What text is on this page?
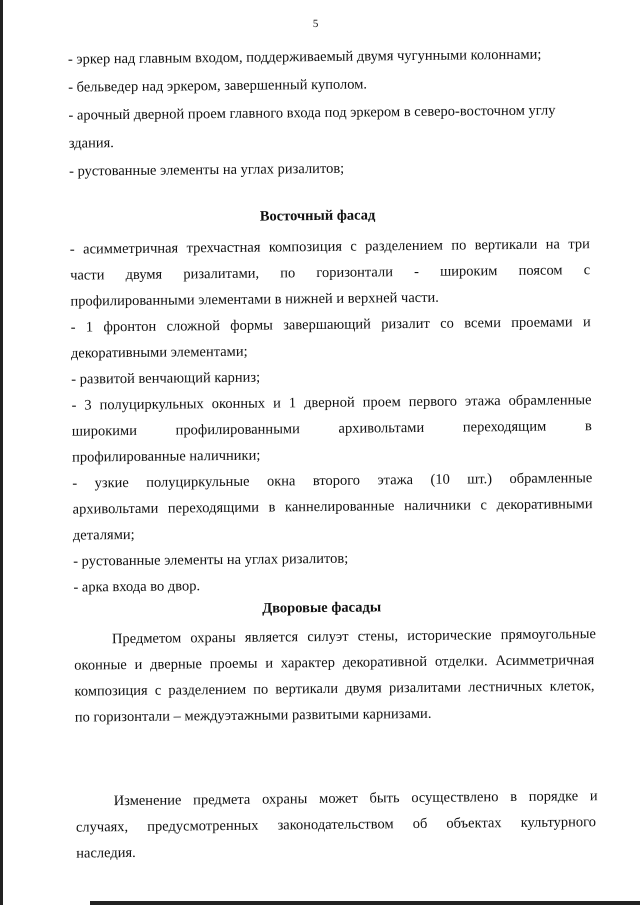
5
- эркер над главным входом, поддерживаемый двумя чугунными колоннами;
- бельведер над эркером, завершенный куполом.
- арочный дверной проем главного входа под эркером в северо-восточном углу
здания.
- рустованные элементы на углах ризалитов;
Восточный фасад
- асимметричная трехчастная композиция с разделением по вертикали на три
части двумя ризалитами, по горизонтали - широким поясом с
профилированными элементами в нижней и верхней части.
- 1 фронтон сложной формы завершающий ризалит со всеми проемами и
декоративными элементами;
- развитой венчающий карниз;
- 3 полуциркульных оконных и 1 дверной проем первого этажа обрамленные
широкими профилированными архивольтами переходящим в
профилированные наличники;
- узкие полуциркульные окна второго этажа (10 шт.) обрамленные
архивольтами переходящими в каннелированные наличники с декоративными
деталями;
- рустованные элементы на углах ризалитов;
- арка входа во двор.
Дворовые фасады
Предметом охраны является силуэт стены, исторические прямоугольные
оконные и дверные проемы и характер декоративной отделки. Асимметричная
композиция с разделением по вертикали двумя ризалитами лестничных клеток,
по горизонтали – междуэтажными развитыми карнизами.
Изменение предмета охраны может быть осуществлено в порядке и
случаях, предусмотренных законодательством об объектах культурного
наследия.
